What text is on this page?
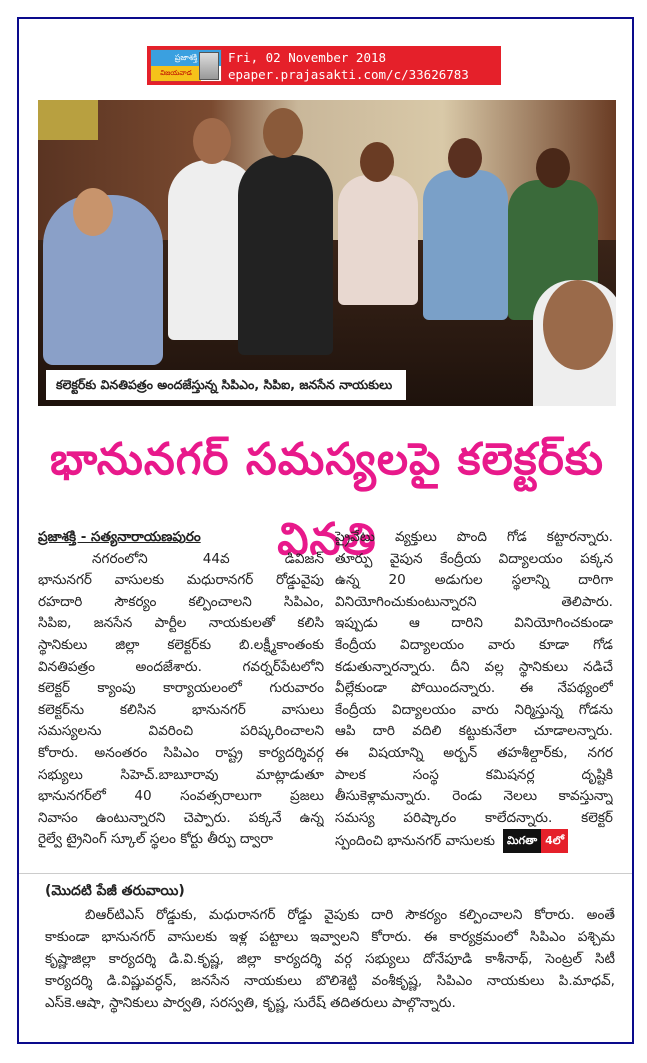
ప్రజాశక్తి
విజయవాడ
Fri, 02 November 2018
epaper.prajasakti.com/c/33626783
కలెక్టర్‌కు వినతిపత్రం అందజేస్తున్న సిపిఎం, సిపిఐ, జనసేన నాయకులు
భానునగర్ సమస్యలపై కలెక్టర్‌కు వినతి
ప్రజాశక్తి - సత్యనారాయణపురం
నగరంలోని 44వ డివిజన్
భానునగర్ వాసులకు మధురానగర్ రోడ్డువైపు
రహదారి సౌకర్యం కల్పించాలని సిపిఎం,
సిపిఐ, జనసేన పార్టీల నాయకులతో కలిసి
స్థానికులు జిల్లా కలెక్టర్‌కు బి.లక్ష్మీకాంతంకు
వినతిపత్రం అందజేశారు. గవర్నర్‌పేటలోని
కలెక్టర్ క్యాంపు కార్యాయలంలో గురువారం
కలెక్టర్‌ను కలిసిన భానునగర్ వాసులు
సమస్యలను వివరించి పరిష్కరించాలని
కోరారు. అనంతరం సిపిఎం రాష్ట్ర కార్యదర్శివర్గ
సభ్యులు సిహెచ్.బాబూరావు మాట్లాడుతూ
భానునగర్‌లో 40 సంవత్సరాలుగా ప్రజలు
నివాసం ఉంటున్నారని చెప్పారు. పక్కనే ఉన్న
రైల్వే ట్రైనింగ్ స్కూల్ స్థలం కోర్టు తీర్పు ద్వారా
ప్రైవేటు వ్యక్తులు పొంది గోడ కట్టారన్నారు.
తూర్పు వైపున కేంద్రీయ విద్యాలయం పక్కన
ఉన్న 20 అడుగుల స్థలాన్ని దారిగా
వినియోగించుకుంటున్నారని తెలిపారు.
ఇప్పుడు ఆ దారిని వినియోగించకుండా
కేంద్రీయ విద్యాలయం వారు కూడా గోడ
కడుతున్నారన్నారు. దీని వల్ల స్థానికులు నడిచే
వీల్లేకుండా పోయిందన్నారు. ఈ నేపథ్యంలో
కేంద్రీయ విద్యాలయం వారు నిర్మిస్తున్న గోడను
ఆపి దారి వదిలి కట్టుకునేలా చూడాలన్నారు.
ఈ విషయాన్ని అర్బన్ తహశీల్దార్‌కు, నగర
పాలక సంస్థ కమిషనర్ల దృష్టికి
తీసుకెళ్లామన్నారు. రెండు నెలలు కావస్తున్నా
సమస్య పరిష్కారం కాలేదన్నారు. కలెక్టర్
స్పందించి భానునగర్ వాసులకు	మిగతా 4లో
(మొదటి పేజీ తరువాయి)
బిఆర్‌టిఎస్ రోడ్డుకు, మధురానగర్ రోడ్డు వైపుకు దారి సౌకర్యం కల్పించాలని కోరారు. అంతే
కాకుండా భానునగర్ వాసులకు ఇళ్ల పట్టాలు ఇవ్వాలని కోరారు. ఈ కార్యక్రమంలో సిపిఎం పశ్చిమ
కృష్ణాజిల్లా కార్యదర్శి డి.వి.కృష్ణ, జిల్లా కార్యదర్శి వర్గ సభ్యులు దోనేపూడి కాశీనాథ్, సెంట్రల్ సిటీ
కార్యదర్శి డి.విష్ణువర్ధన్, జనసేన నాయకులు బొలిశెట్టి వంశీకృష్ణ, సిపిఎం నాయకులు పి.మాధవ్,
ఎస్‌కె.ఆషా, స్థానికులు పార్వతి, సరస్వతి, కృష్ణ, సురేష్ తదితరులు పాల్గొన్నారు.
